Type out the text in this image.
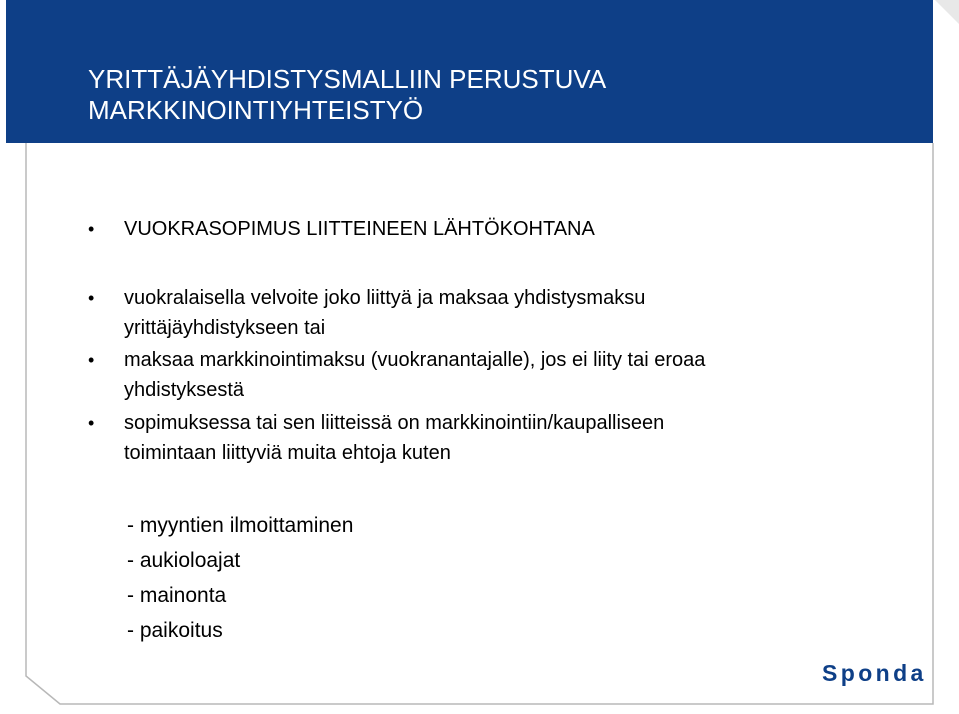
YRITTÄJÄYHDISTYSMALLIIN PERUSTUVA
MARKKINOINTIYHTEISTYÖ
• VUOKRASOPIMUS LIITTEINEEN LÄHTÖKOHTANA
• vuokralaisella velvoite joko liittyä ja maksaa yhdistysmaksu
yrittäjäyhdistykseen tai
• maksaa markkinointimaksu (vuokranantajalle), jos ei liity tai eroaa
yhdistyksestä
• sopimuksessa tai sen liitteissä on markkinointiin/kaupalliseen
toimintaan liittyviä muita ehtoja kuten
- myyntien ilmoittaminen
- aukioloajat
- mainonta
- paikoitus
Sponda
